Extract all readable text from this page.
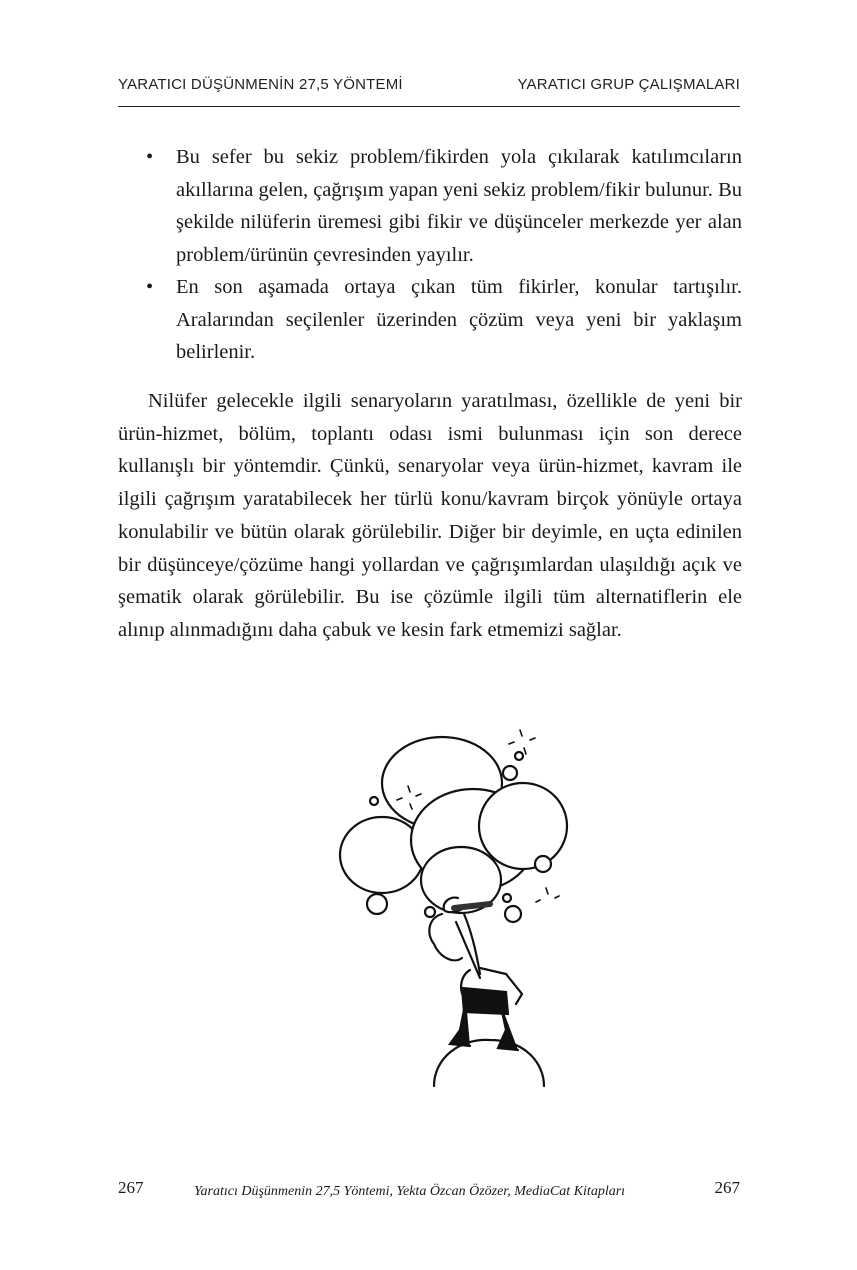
YARATICI DÜŞÜNMENİN 27,5 YÖNTEMİ	YARATICI GRUP ÇALIŞMALARI
• Bu sefer bu sekiz problem/fikirden yola çıkılarak katılımcıların akıllarına gelen, çağrışım yapan yeni sekiz problem/fikir bulunur. Bu şekilde nilüferin üremesi gibi fikir ve düşünceler merkezde yer alan problem/ürünün çevresinden yayılır.
• En son aşamada ortaya çıkan tüm fikirler, konular tartışılır. Aralarından seçilenler üzerinden çözüm veya yeni bir yaklaşım belirlenir.

Nilüfer gelecekle ilgili senaryoların yaratılması, özellikle de yeni bir ürün-hizmet, bölüm, toplantı odası ismi bulunması için son derece kullanışlı bir yöntemdir. Çünkü, senaryolar veya ürün-hizmet, kavram ile ilgili çağrışım yaratabilecek her türlü konu/kavram birçok yönüyle ortaya konulabilir ve bütün olarak görülebilir. Diğer bir deyimle, en uçta edinilen bir düşünceye/çözüme hangi yollardan ve çağrışımlardan ulaşıldığı açık ve şematik olarak görülebilir. Bu ise çözümle ilgili tüm alternatiflerin ele alınıp alınmadığını daha çabuk ve kesin fark etmemizi sağlar.

267	Yaratıcı Düşünmenin 27,5 Yöntemi, Yekta Özcan Özözer, MediaCat Kitapları	267
